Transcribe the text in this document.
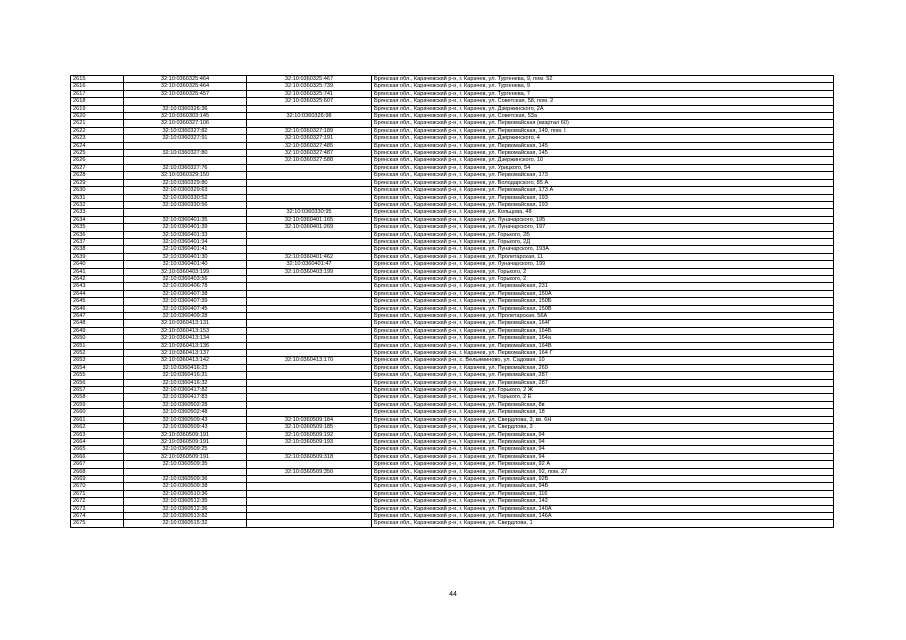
2615	32:10:0360325:464	32:10:0360325:467	Брянская обл., Карачевский р-н, г. Карачев, ул. Тургенева, 9, пом. 52
2616	32:10:0360325:464	32:10:0360325:739	Брянская обл., Карачевский р-н, г. Карачев, ул. Тургенева, 9
2617	32:10:0360325:457	32:10:0360325:741	Брянская обл., Карачевский р-н, г. Карачев, ул. Тургенева, 7
2618		32:10:0360325:607	Брянская обл., Карачевский р-н, г. Карачев, ул. Советская, 58, пом. 2
2619	32:10:0360326:36		Брянская обл., Карачевский р-н, г. Карачев, ул. Дзержинского, 2А
2620	32:10:0360303:145	32:10:0360326:98	Брянская обл., Карачевский р-н, г. Карачев, ул. Советская, 53а
2621	32:10:0360327:106		Брянская обл., Карачевский р-н, г. Карачев, ул. Первомайская (квартал 60)
2622	32:10:0360327:82	32:10:0360327:189	Брянская обл., Карачевский р-н, г. Карачев, ул. Первомайская, 149, пом. I
2623	32:10:0360327:91	32:10:0360327:191	Брянская обл., Карачевский р-н, г. Карачев, ул. Дзержинского, 4
2624		32:10:0360327:485	Брянская обл., Карачевский р-н, г. Карачев, ул. Первомайская, 145
2625	32:10:0360327:80	32:10:0360327:487	Брянская обл., Карачевский р-н, г. Карачев, ул. Первомайская, 145
2626		32:10:0360327:588	Брянская обл., Карачевский р-н, г. Карачев, ул. Дзержинского, 10
2627	32:10:0360327:76		Брянская обл., Карачевский р-н, г. Карачев, ул. Урицкого, 54
2628	32:10:0360329:150		Брянская обл., Карачевский р-н, г. Карачев, ул. Первомайская, 173
2629	32:10:0360329:80		Брянская обл., Карачевский р-н, г. Карачев, ул. Володарского, 85 А
2630	32:10:0360329:63		Брянская обл., Карачевский р-н, г. Карачев, ул. Первомайская, 173 А
2631	32:10:0360330:52		Брянская обл., Карачевский р-н, г. Карачев, ул. Первомайская, 193
2632	32:10:0360330:56		Брянская обл., Карачевский р-н, г. Карачев, ул. Первомайская, 193
2633		32:10:0360330:95	Брянская обл., Карачевский р-н, г. Карачев, ул. Кольцова, 48
2634	32:10:0360401:35	32:10:0360401:165	Брянская обл., Карачевский р-н, г. Карачев, ул. Луначарского, 195
2635	32:10:0360401:39	32:10:0360401:269	Брянская обл., Карачевский р-н, г. Карачев, ул. Луначарского, 197
2636	32:10:0360401:33		Брянская обл., Карачевский р-н, г. Карачев, ул. Горького, 2Б
2637	32:10:0360401:34		Брянская обл., Карачевский р-н, г. Карачев, ул. Горького, 2Д
2638	32:10:0360401:41		Брянская обл., Карачевский р-н, г. Карачев, ул. Луначарского, 193А
2639	32:10:0360401:30	32:10:0360401:462	Брянская обл., Карачевский р-н, г. Карачев, ул. Пролетарская, 11
2640	32:10:0360401:40	32:10:0360401:47	Брянская обл., Карачевский р-н, г. Карачев, ул. Луначарского, 199
2641	32:10:0360403:199	32:10:0360403:199	Брянская обл., Карачевский р-н, г. Карачев, ул. Горького, 2
2642	32:10:0360403:56		Брянская обл., Карачевский р-н, г. Карачев, ул. Горького, 2
2643	32:10:0360406:78		Брянская обл., Карачевский р-н, г. Карачев, ул. Первомайская, 231
2644	32:10:0360407:38		Брянская обл., Карачевский р-н, г. Карачев, ул. Первомайская, 150А
2645	32:10:0360407:39		Брянская обл., Карачевский р-н, г. Карачев, ул. Первомайская, 150Б
2646	32:10:0360407:45		Брянская обл., Карачевский р-н, г. Карачев, ул. Первомайская, 150В
2647	32:10:0360409:28		Брянская обл., Карачевский р-н, г. Карачев, ул. Пролетарская, 56А
2648	32:10:0360413:131		Брянская обл., Карачевский р-н, г. Карачев, ул. Первомайская, 164Г
2649	32:10:0360413:153		Брянская обл., Карачевский р-н, г. Карачев, ул. Первомайская, 164Б
2650	32:10:0360413:134		Брянская обл., Карачевский р-н, г. Карачев, ул. Первомайская, 164а
2651	32:10:0360413:136		Брянская обл., Карачевский р-н, г. Карачев, ул. Первомайская, 164В
2652	32:10:0360413:137		Брянская обл., Карачевский р-н, г. Карачев, ул. Первомайская, 164 Г
2653	32:10:0360413:142	32:10:0360413:170	Брянская обл., Карачевский р-н, с. Вельяминово, ул. Садовая, 10
2654	32:10:0360416:23		Брянская обл., Карачевский р-н, г. Карачев, ул. Первомайская, 269
2655	32:10:0360416:31		Брянская обл., Карачевский р-н, г. Карачев, ул. Первомайская, 287
2656	32:10:0360416:32		Брянская обл., Карачевский р-н, г. Карачев, ул. Первомайская, 287
2657	32:10:0360417:82		Брянская обл., Карачевский р-н, г. Карачев, ул. Горького, 2 Ж
2658	32:10:0360417:83		Брянская обл., Карачевский р-н, г. Карачев, ул. Горького, 2 Е
2659	32:10:0360502:28		Брянская обл., Карачевский р-н, г. Карачев, ул. Первомайская, 8в
2660	32:10:0360502:48		Брянская обл., Карачевский р-н, г. Карачев, ул. Первомайская, 18
2661	32:10:0360509:43	32:10:0360509:184	Брянская обл., Карачевский р-н, г. Карачев, ул. Свердлова, 3, кв. 6Н
2662	32:10:0360509:43	32:10:0360509:185	Брянская обл., Карачевский р-н, г. Карачев, ул. Свердлова, 3
2663	32:10:0360509:191	32:10:0360509:192	Брянская обл., Карачевский р-н, г. Карачев, ул. Первомайская, 94
2664	32:10:0360509:191	32:10:0360509:193	Брянская обл., Карачевский р-н, г. Карачев, ул. Первомайская, 94
2665	32:10:0360509:25		Брянская обл., Карачевский р-н, г. Карачев, ул. Первомайская, 94
2666	32:10:0360509:191	32:10:0360509:318	Брянская обл., Карачевский р-н, г. Карачев, ул. Первомайская, 94
2667	32:10:0360509:35		Брянская обл., Карачевский р-н, г. Карачев, ул. Первомайская, 92 А
2668		32:10:0360509:350	Брянская обл., Карачевский р-н, г. Карачев, ул. Первомайская, 92, пом. 27
2669	32:10:0360509:36		Брянская обл., Карачевский р-н, г. Карачев, ул. Первомайская, 92Б
2670	32:10:0360509:38		Брянская обл., Карачевский р-н, г. Карачев, ул. Первомайская, 94Б
2671	32:10:0360510:36		Брянская обл., Карачевский р-н, г. Карачев, ул. Первомайская, 116
2672	32:10:0360512:35		Брянская обл., Карачевский р-н, г. Карачев, ул. Первомайская, 142
2673	32:10:0360512:36		Брянская обл., Карачевский р-н, г. Карачев, ул. Первомайская, 140А
2674	32:10:0360513:82		Брянская обл., Карачевский р-н, г. Карачев, ул. Первомайская, 146А
2675	32:10:0360515:32		Брянская обл., Карачевский р-н, г. Карачев, ул. Свердлова, 1
44
